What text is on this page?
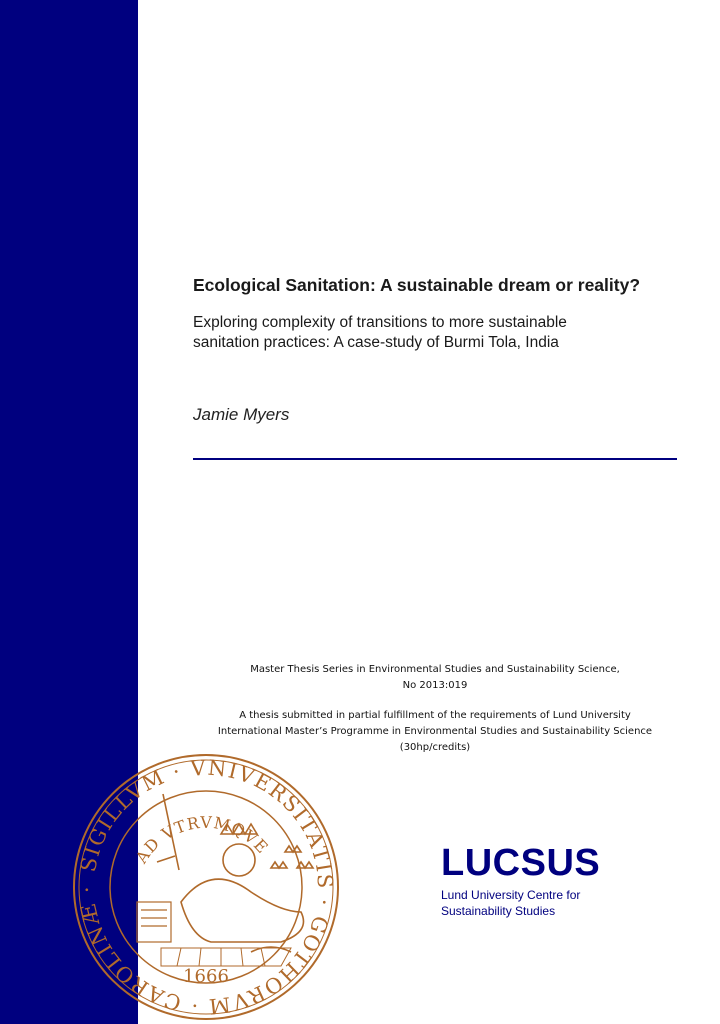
Ecological Sanitation: A sustainable dream or reality?
Exploring complexity of transitions to more sustainable
sanitation practices: A case-study of Burmi Tola, India
Jamie Myers
Master Thesis Series in Environmental Studies and Sustainability Science,
No 2013:019
A thesis submitted in partial fulfillment of the requirements of Lund University
International Master’s Programme in Environmental Studies and Sustainability Science
(30hp/credits)
SIGILLVM · VNIVERSITATIS · GOTHORVM · CAROLINÆ ·
AD VTRVMQVE
1666
LUCSUS
Lund University Centre for
Sustainability Studies
